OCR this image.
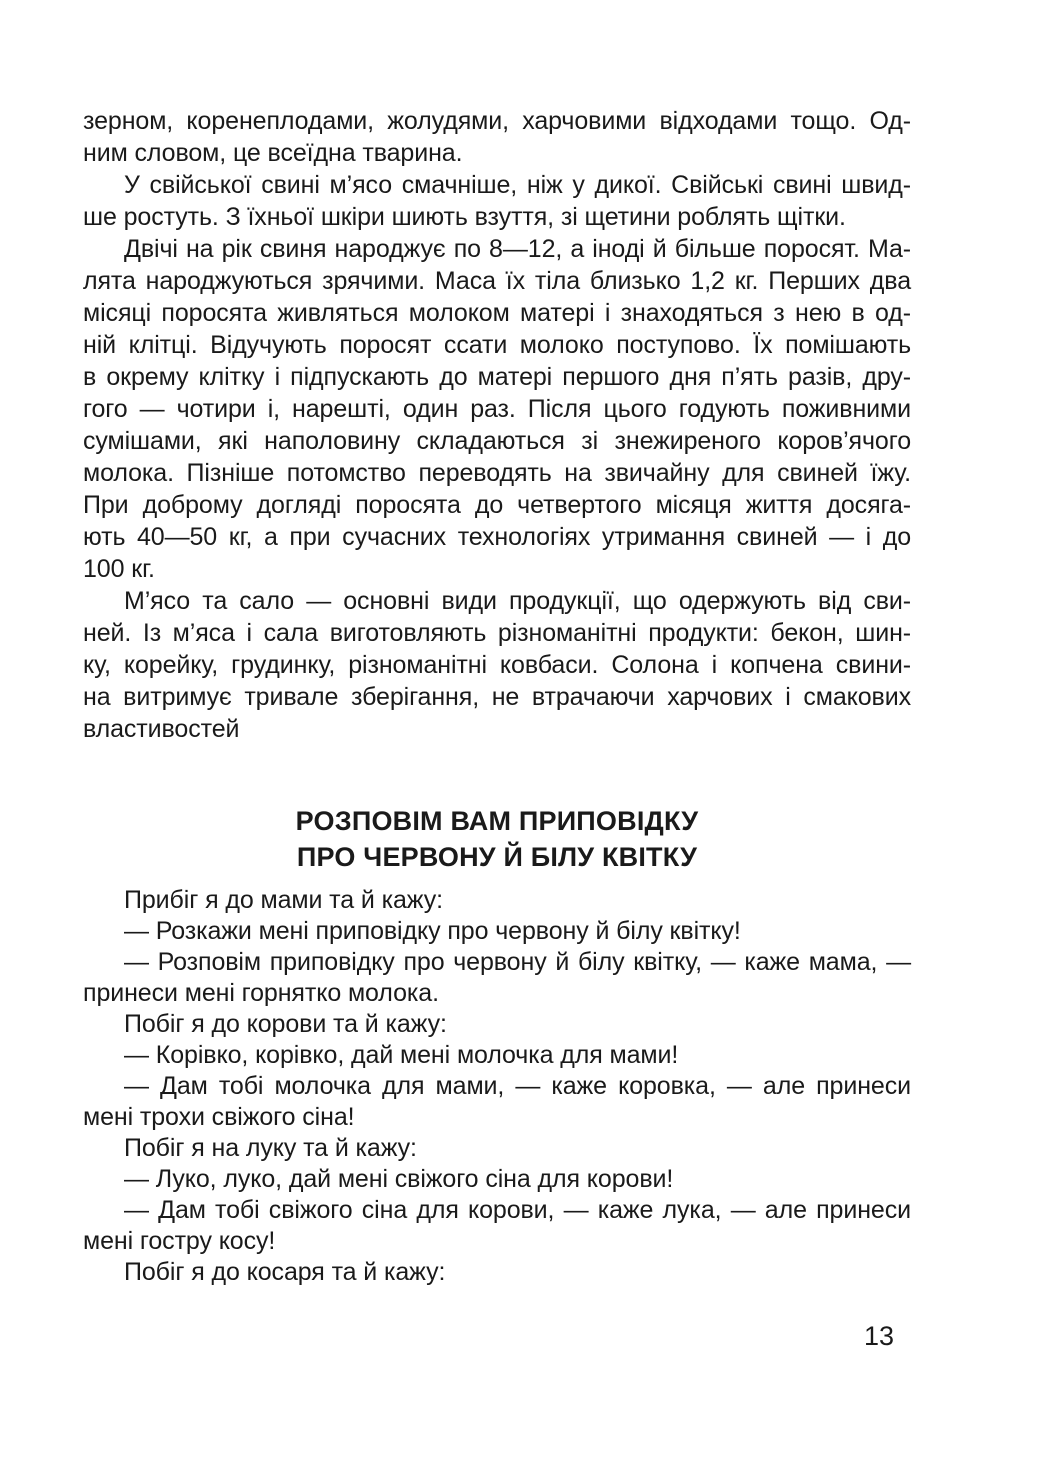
зерном, коренеплодами, жолудями, харчовими відходами тощо. Од-
ним словом, це всеїдна тварина.
У свійської свині м’ясо смачніше, ніж у дикої. Свійські свині швид-
ше ростуть. З їхньої шкіри шиють взуття, зі щетини роблять щітки.
Двічі на рік свиня народжує по 8—12, а іноді й більше поросят. Ма-
лята народжуються зрячими. Маса їх тіла близько 1,2 кг. Перших два
місяці поросята живляться молоком матері і знаходяться з нею в од-
ній клітці. Відучують поросят ссати молоко поступово. Їх помішають
в окрему клітку і підпускають до матері першого дня п’ять разів, дру-
гого — чотири і, нарешті, один раз. Після цього годують поживними
сумішами, які наполовину складаються зі знежиреного коров’ячого
молока. Пізніше потомство переводять на звичайну для свиней їжу.
При доброму догляді поросята до четвертого місяця життя досяга-
ють 40—50 кг, а при сучасних технологіях утримання свиней — і до
100 кг.
М’ясо та сало — основні види продукції, що одержують від сви-
ней. Із м’яса і сала виготовляють різноманітні продукти: бекон, шин-
ку, корейку, грудинку, різноманітні ковбаси. Солона і копчена свини-
на витримує тривале зберігання, не втрачаючи харчових і смакових
властивостей
РОЗПОВІМ ВАМ ПРИПОВІДКУ
ПРО ЧЕРВОНУ Й БІЛУ КВІТКУ
Прибіг я до мами та й кажу:
— Розкажи мені приповідку про червону й білу квітку!
— Розповім приповідку про червону й білу квітку, — каже мама, —
принеси мені горнятко молока.
Побіг я до корови та й кажу:
— Корівко, корівко, дай мені молочка для мами!
— Дам тобі молочка для мами, — каже коровка, — але принеси
мені трохи свіжого сіна!
Побіг я на луку та й кажу:
— Луко, луко, дай мені свіжого сіна для корови!
— Дам тобі свіжого сіна для корови, — каже лука, — але принеси
мені гостру косу!
Побіг я до косаря та й кажу:
13
